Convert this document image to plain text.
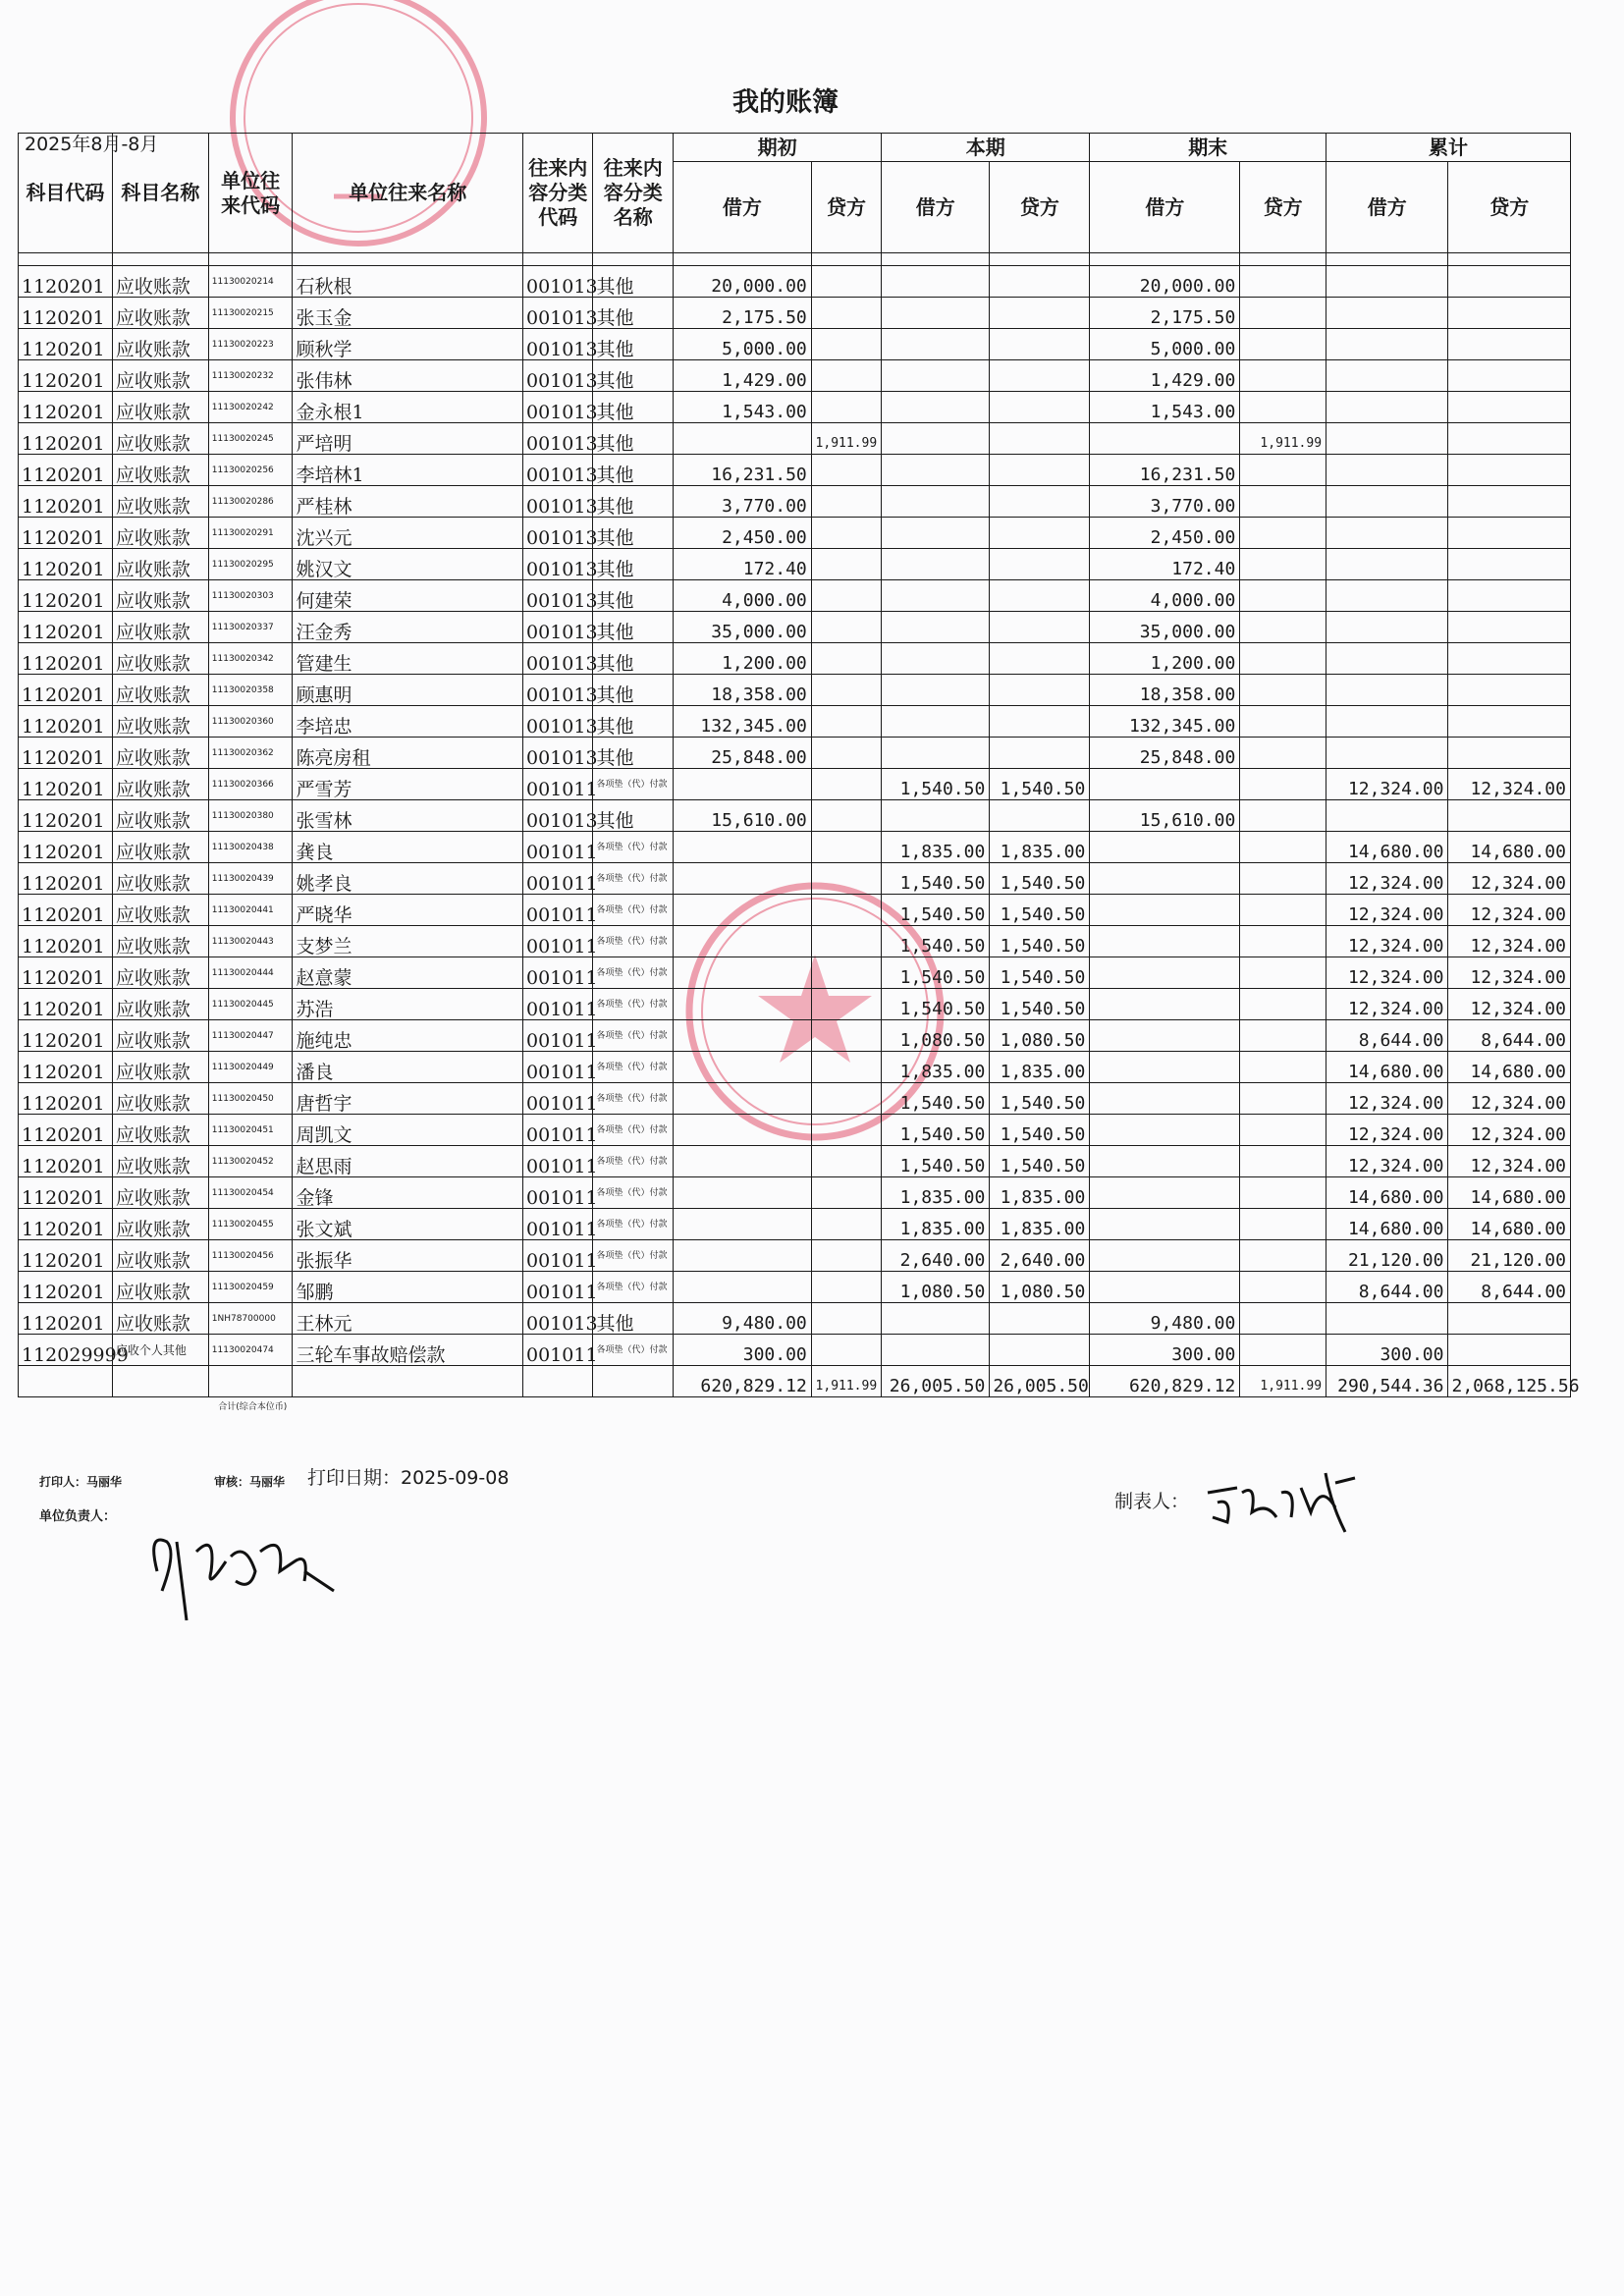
我的账簿
2025年8月-8月
科目代码	科目名称	单位往来代码	单位往来名称	往来内容分类代码	往来内容分类名称	期初		本期		期末		累计	
						借方	贷方	借方	贷方	借方	贷方	借方	贷方

1120201	应收账款	11130020214	石秋根	001013	其他	20,000.00				20,000.00			
1120201	应收账款	11130020215	张玉金	001013	其他	2,175.50				2,175.50			
1120201	应收账款	11130020223	顾秋学	001013	其他	5,000.00				5,000.00			
1120201	应收账款	11130020232	张伟林	001013	其他	1,429.00				1,429.00			
1120201	应收账款	11130020242	金永根1	001013	其他	1,543.00				1,543.00			
1120201	应收账款	11130020245	严培明	001013	其他		1,911.99				1,911.99		
1120201	应收账款	11130020256	李培林1	001013	其他	16,231.50				16,231.50			
1120201	应收账款	11130020286	严桂林	001013	其他	3,770.00				3,770.00			
1120201	应收账款	11130020291	沈兴元	001013	其他	2,450.00				2,450.00			
1120201	应收账款	11130020295	姚汉文	001013	其他	172.40				172.40			
1120201	应收账款	11130020303	何建荣	001013	其他	4,000.00				4,000.00			
1120201	应收账款	11130020337	汪金秀	001013	其他	35,000.00				35,000.00			
1120201	应收账款	11130020342	管建生	001013	其他	1,200.00				1,200.00			
1120201	应收账款	11130020358	顾惠明	001013	其他	18,358.00				18,358.00			
1120201	应收账款	11130020360	李培忠	001013	其他	132,345.00				132,345.00			
1120201	应收账款	11130020362	陈亮房租	001013	其他	25,848.00				25,848.00			
1120201	应收账款	11130020366	严雪芳	001011	各项垫（代）付款			1,540.50	1,540.50			12,324.00	12,324.00
1120201	应收账款	11130020380	张雪林	001013	其他	15,610.00				15,610.00			
1120201	应收账款	11130020438	龚良	001011	各项垫（代）付款			1,835.00	1,835.00			14,680.00	14,680.00
1120201	应收账款	11130020439	姚孝良	001011	各项垫（代）付款			1,540.50	1,540.50			12,324.00	12,324.00
1120201	应收账款	11130020441	严晓华	001011	各项垫（代）付款			1,540.50	1,540.50			12,324.00	12,324.00
1120201	应收账款	11130020443	支梦兰	001011	各项垫（代）付款			1,540.50	1,540.50			12,324.00	12,324.00
1120201	应收账款	11130020444	赵意蒙	001011	各项垫（代）付款			1,540.50	1,540.50			12,324.00	12,324.00
1120201	应收账款	11130020445	苏浩	001011	各项垫（代）付款			1,540.50	1,540.50			12,324.00	12,324.00
1120201	应收账款	11130020447	施纯忠	001011	各项垫（代）付款			1,080.50	1,080.50			8,644.00	8,644.00
1120201	应收账款	11130020449	潘良	001011	各项垫（代）付款			1,835.00	1,835.00			14,680.00	14,680.00
1120201	应收账款	11130020450	唐哲宇	001011	各项垫（代）付款			1,540.50	1,540.50			12,324.00	12,324.00
1120201	应收账款	11130020451	周凯文	001011	各项垫（代）付款			1,540.50	1,540.50			12,324.00	12,324.00
1120201	应收账款	11130020452	赵思雨	001011	各项垫（代）付款			1,540.50	1,540.50			12,324.00	12,324.00
1120201	应收账款	11130020454	金锋	001011	各项垫（代）付款			1,835.00	1,835.00			14,680.00	14,680.00
1120201	应收账款	11130020455	张文斌	001011	各项垫（代）付款			1,835.00	1,835.00			14,680.00	14,680.00
1120201	应收账款	11130020456	张振华	001011	各项垫（代）付款			2,640.00	2,640.00			21,120.00	21,120.00
1120201	应收账款	11130020459	邹鹏	001011	各项垫（代）付款			1,080.50	1,080.50			8,644.00	8,644.00
1120201	应收账款	1NH78700000	王林元	001013	其他	9,480.00				9,480.00			
112029999	应收个人其他	11130020474	三轮车事故赔偿款	001011	各项垫（代）付款	300.00				300.00		300.00	
						620,829.12	1,911.99	26,005.50	26,005.50	620,829.12	1,911.99	290,544.36	2,068,125.56
		合计(综合本位币)											
打印人：马丽华	审核：马丽华 打印日期：2025-09-08
单位负责人：
制表人：
